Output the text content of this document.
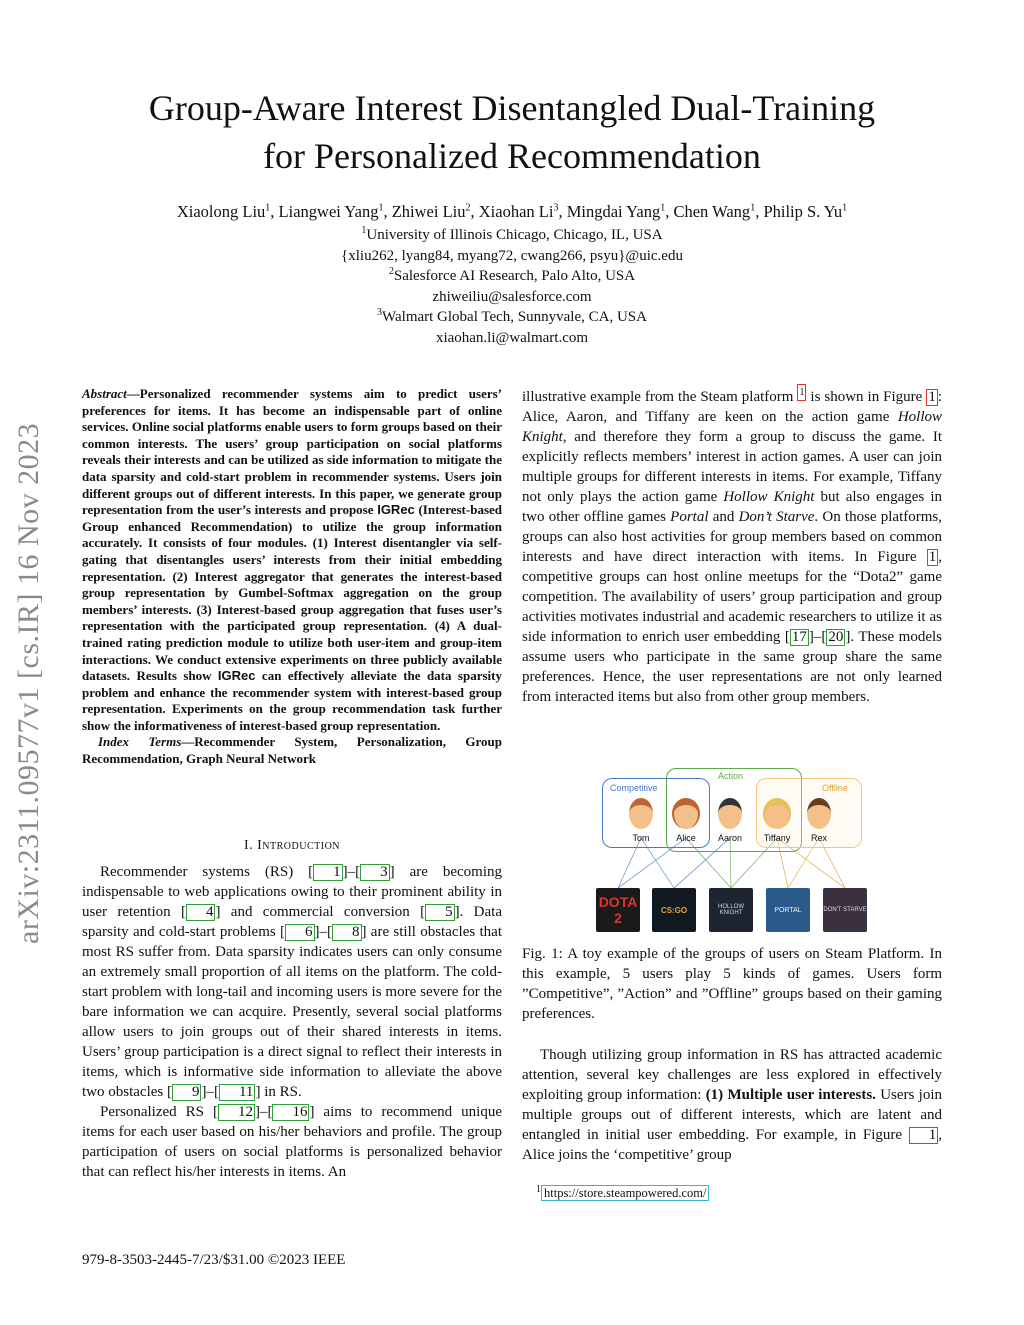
Group-Aware Interest Disentangled Dual-Training
for Personalized Recommendation
Xiaolong Liu$^1$, Liangwei Yang$^1$, Zhiwei Liu$^2$, Xiaohan Li$^3$, Mingdai Yang$^1$, Chen Wang$^1$, Philip S. Yu$^1$
$^1$University of Illinois Chicago, Chicago, IL, USA
{xliu262, lyang84, myang72, cwang266, psyu}@uic.edu
$^2$Salesforce AI Research, Palo Alto, USA
zhiweiliu@salesforce.com
$^3$Walmart Global Tech, Sunnyvale, CA, USA
xiaohan.li@walmart.com
arXiv:2311.09577v1 [cs.IR] 16 Nov 2023

Abstract—Personalized recommender systems aim to predict users’ preferences for items. It has become an indispensable part of online services. Online social platforms enable users to form groups based on their common interests. The users’ group participation on social platforms reveals their interests and can be utilized as side information to mitigate the data sparsity and cold-start problem in recommender systems. Users join different groups out of different interests. In this paper, we generate group representation from the user’s interests and propose IGRec (Interest-based Group enhanced Recommendation) to utilize the group information accurately. It consists of four modules. (1) Interest disentangler via self-gating that disentangles users’ interests from their initial embedding representation. (2) Interest aggregator that generates the interest-based group representation by Gumbel-Softmax aggregation on the group members’ interests. (3) Interest-based group aggregation that fuses user’s representation with the participated group representation. (4) A dual-trained rating prediction module to utilize both user-item and group-item interactions. We conduct extensive experiments on three publicly available datasets. Results show IGRec can effectively alleviate the data sparsity problem and enhance the recommender system with interest-based group representation. Experiments on the group recommendation task further show the informativeness of interest-based group representation.

Index Terms—Recommender System, Personalization, Group Recommendation, Graph Neural Network

I. Introduction

Recommender systems (RS) [ 1 ]–[ 3 ] are becoming indispensable to web applications owing to their prominent ability in user retention [ 4 ] and commercial conversion [ 5 ]. Data sparsity and cold-start problems [ 6 ]–[ 8 ] are still obstacles that most RS suffer from. Data sparsity indicates users can only consume an extremely small proportion of all items on the platform. The cold-start problem with long-tail and incoming users is more severe for the bare information we can acquire. Presently, several social platforms allow users to join groups out of their shared interests in items. Users’ group participation is a direct signal to reflect their interests in items, which is informative side information to alleviate the above two obstacles [ 9 ]–[ 11 ] in RS.

Personalized RS [ 12 ]–[ 16 ] aims to recommend unique items for each user based on his/her behaviors and profile. The group participation of users on social platforms is personalized behavior that can reflect his/her interests in items. An

illustrative example from the Steam platform $^1$ is shown in Figure 1 : Alice, Aaron, and Tiffany are keen on the action game Hollow Knight, and therefore they form a group to discuss the game. It explicitly reflects members’ interest in action games. A user can join multiple groups for different interests in items. For example, Tiffany not only plays the action game Hollow Knight but also engages in two other offline games Portal and Don’t Starve. On those platforms, groups can also host activities for group members based on common interests and have direct interaction with items. In Figure 1 , competitive groups can host online meetups for the “Dota2” game competition. The availability of users’ group participation and group activities motivates industrial and academic researchers to utilize it as side information to enrich user embedding [ 17 ]–[ 20 ]. These models assume users who participate in the same group share the same preferences. Hence, the user representations are not only learned from interacted items but also from other group members.

Competitive
Action
Offline
Tom	Alice	Aaron	Tiffany	Rex
DOTA 2	CS:GO	HOLLOW KNIGHT	PORTAL	DON'T STARVE
Fig. 1: A toy example of the groups of users on Steam Platform. In this example, 5 users play 5 kinds of games. Users form ”Competitive”, ”Action” and ”Offline” groups based on their gaming preferences.

Though utilizing group information in RS has attracted academic attention, several key challenges are less explored in effectively exploiting group information: (1) Multiple user interests. Users join multiple groups out of different interests, which are latent and entangled in initial user embedding. For example, in Figure 1 , Alice joins the ‘competitive’ group

$^1$ https://store.steampowered.com/
979-8-3503-2445-7/23/$31.00 ©2023 IEEE
